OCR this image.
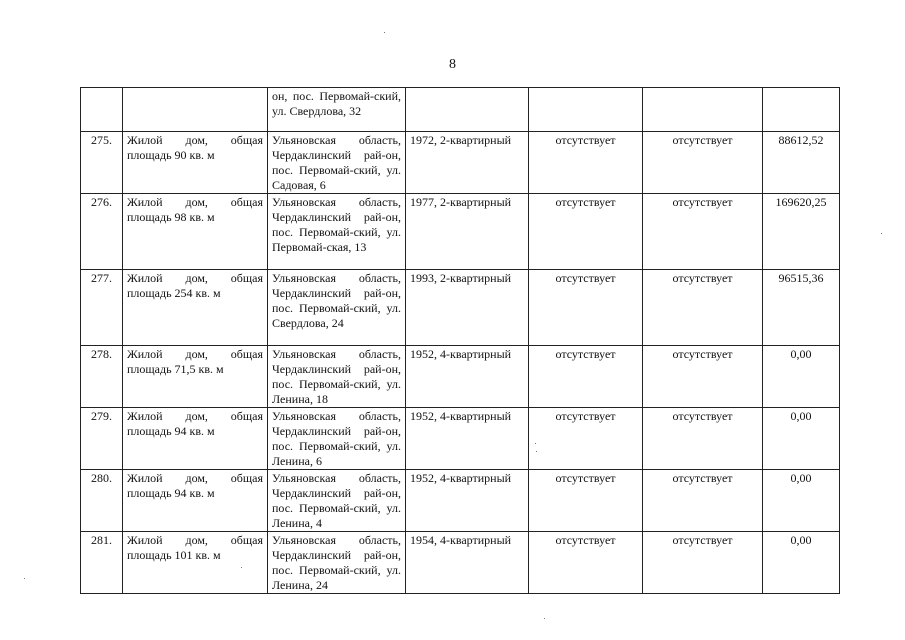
8
		он, пос. Первомай-ский, ул. Свердлова, 32				
275.	Жилой дом, общая площадь 90 кв. м	Ульяновская область, Чердаклинский рай-он, пос. Первомай-ский, ул. Садовая, 6	1972, 2-квартирный	отсутствует	отсутствует	88612,52
276.	Жилой дом, общая площадь 98 кв. м	Ульяновская область, Чердаклинский рай-он, пос. Первомай-ский, ул. Первомай-ская, 13	1977, 2-квартирный	отсутствует	отсутствует	169620,25
277.	Жилой дом, общая площадь 254 кв. м	Ульяновская область, Чердаклинский рай-он, пос. Первомай-ский, ул. Свердлова, 24	1993, 2-квартирный	отсутствует	отсутствует	96515,36
278.	Жилой дом, общая площадь 71,5 кв. м	Ульяновская область, Чердаклинский рай-он, пос. Первомай-ский, ул. Ленина, 18	1952, 4-квартирный	отсутствует	отсутствует	0,00
279.	Жилой дом, общая площадь 94 кв. м	Ульяновская область, Чердаклинский рай-он, пос. Первомай-ский, ул. Ленина, 6	1952, 4-квартирный	отсутствует	отсутствует	0,00
280.	Жилой дом, общая площадь 94 кв. м	Ульяновская область, Чердаклинский рай-он, пос. Первомай-ский, ул. Ленина, 4	1952, 4-квартирный	отсутствует	отсутствует	0,00
281.	Жилой дом, общая площадь 101 кв. м	Ульяновская область, Чердаклинский рай-он, пос. Первомай-ский, ул. Ленина, 24	1954, 4-квартирный	отсутствует	отсутствует	0,00
